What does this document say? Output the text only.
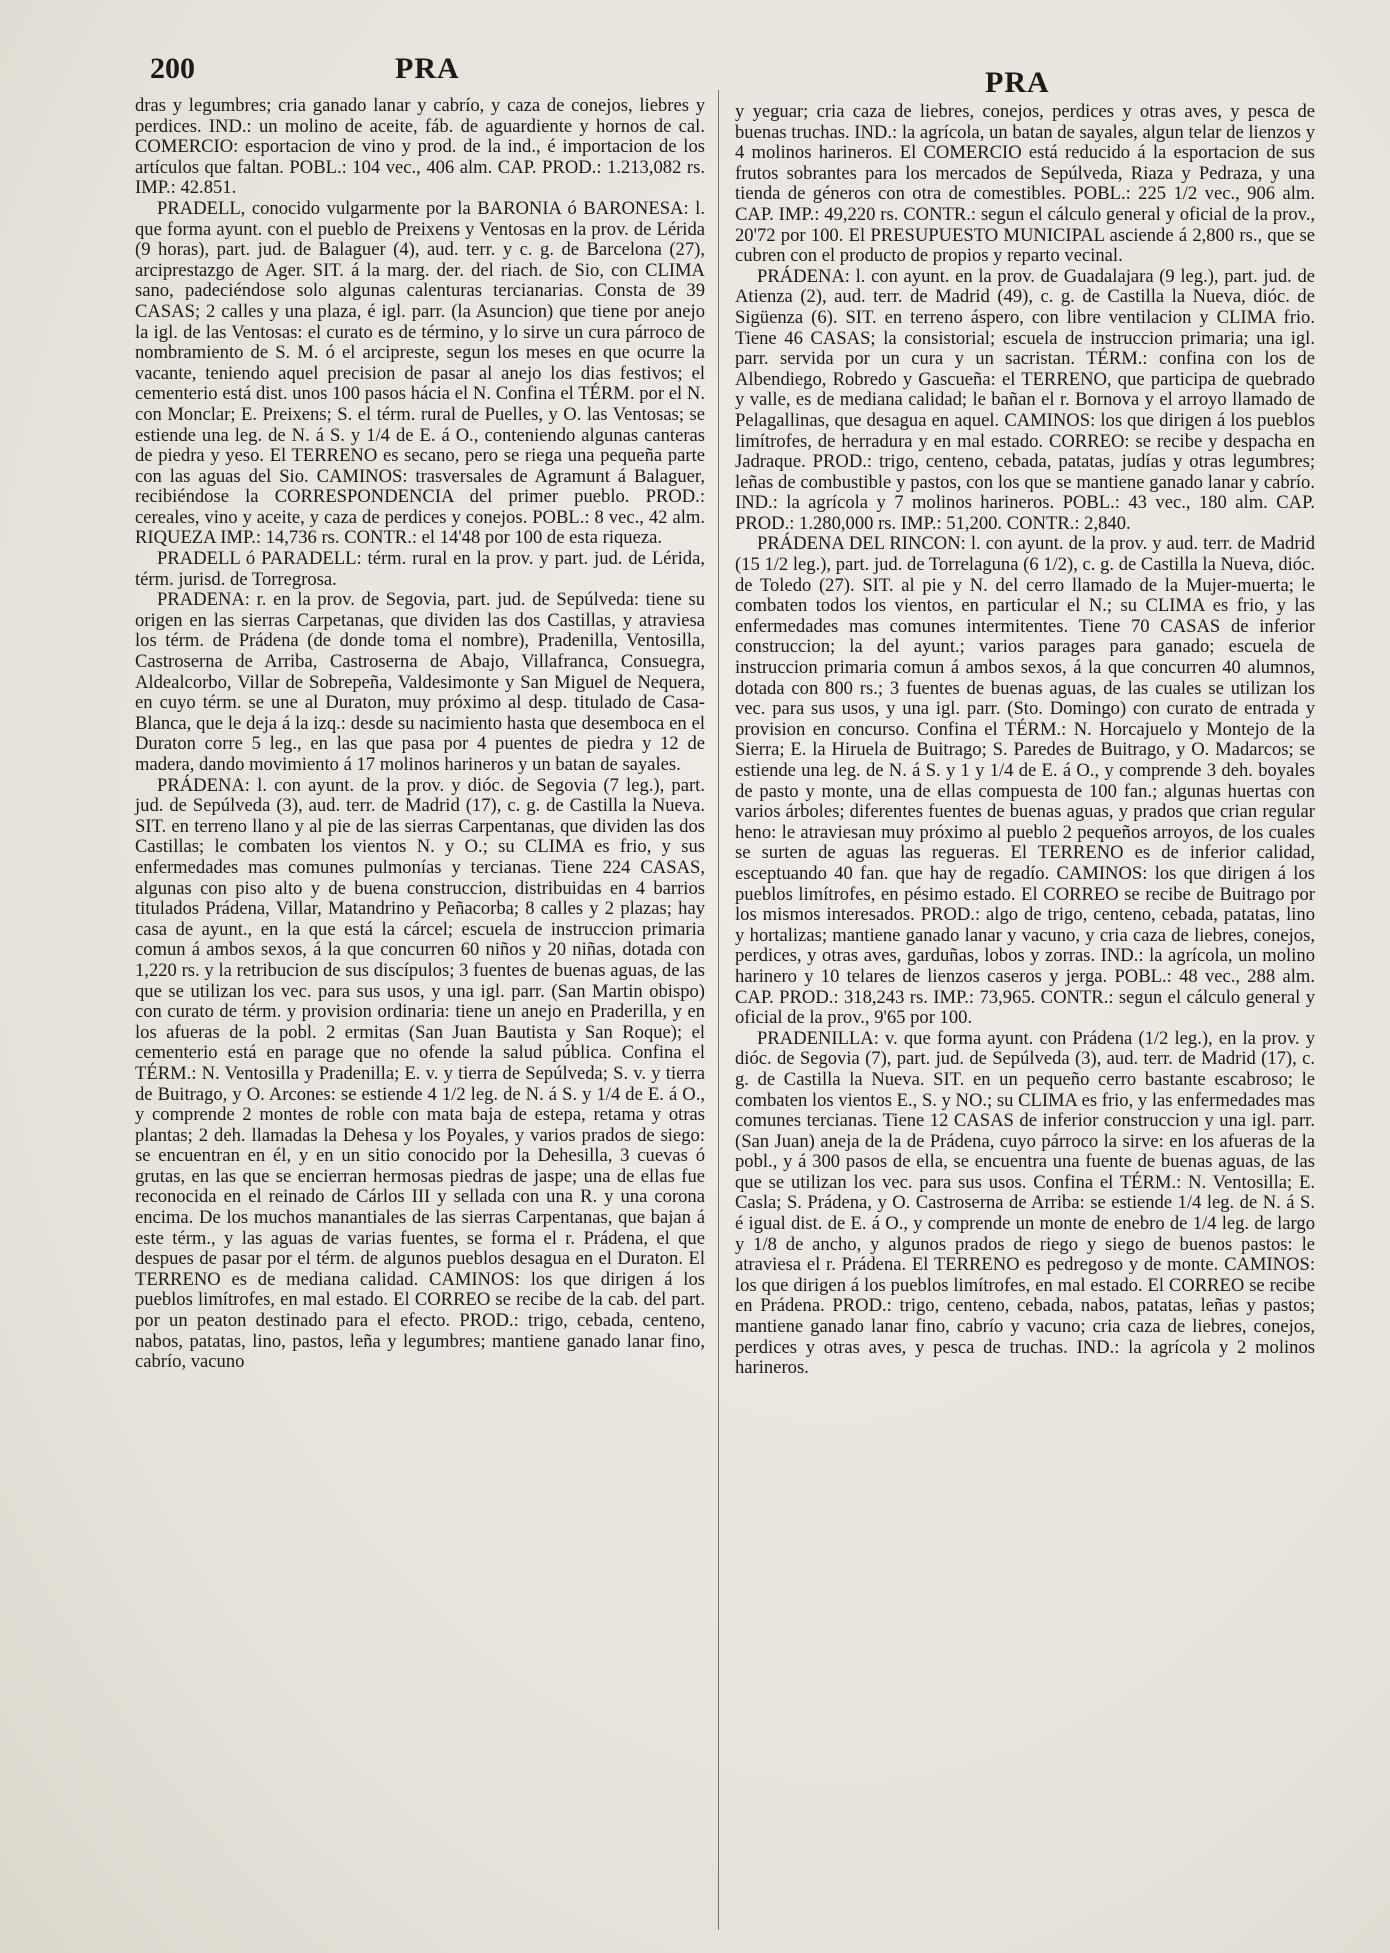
200	PRA	PRA

dras y legumbres; cria ganado lanar y cabrío, y caza de conejos, liebres y perdices. IND.: un molino de aceite, fáb. de aguardiente y hornos de cal. COMERCIO: esportacion de vino y prod. de la ind., é importacion de los artículos que faltan. POBL.: 104 vec., 406 alm. CAP. PROD.: 1.213,082 rs. IMP.: 42.851.

PRADELL, conocido vulgarmente por la BARONIA ó BARONESA: l. que forma ayunt. con el pueblo de Preixens y Ventosas en la prov. de Lérida (9 horas), part. jud. de Balaguer (4), aud. terr. y c. g. de Barcelona (27), arciprestazgo de Ager. SIT. á la marg. der. del riach. de Sio, con CLIMA sano, padeciéndose solo algunas calenturas tercianarias. Consta de 39 CASAS; 2 calles y una plaza, é igl. parr. (la Asuncion) que tiene por anejo la igl. de las Ventosas: el curato es de término, y lo sirve un cura párroco de nombramiento de S. M. ó el arcipreste, segun los meses en que ocurre la vacante, teniendo aquel precision de pasar al anejo los dias festivos; el cementerio está dist. unos 100 pasos hácia el N. Confina el TÉRM. por el N. con Monclar; E. Preixens; S. el térm. rural de Puelles, y O. las Ventosas; se estiende una leg. de N. á S. y 1/4 de E. á O., conteniendo algunas canteras de piedra y yeso. El TERRENO es secano, pero se riega una pequeña parte con las aguas del Sio. CAMINOS: trasversales de Agramunt á Balaguer, recibiéndose la CORRESPONDENCIA del primer pueblo. PROD.: cereales, vino y aceite, y caza de perdices y conejos. POBL.: 8 vec., 42 alm. RIQUEZA IMP.: 14,736 rs. CONTR.: el 14'48 por 100 de esta riqueza.

PRADELL ó PARADELL: térm. rural en la prov. y part. jud. de Lérida, térm. jurisd. de Torregrosa.

PRADENA: r. en la prov. de Segovia, part. jud. de Sepúlveda: tiene su origen en las sierras Carpetanas, que dividen las dos Castillas, y atraviesa los térm. de Prádena (de donde toma el nombre), Pradenilla, Ventosilla, Castroserna de Arriba, Castroserna de Abajo, Villafranca, Consuegra, Aldealcorbo, Villar de Sobrepeña, Valdesimonte y San Miguel de Nequera, en cuyo térm. se une al Duraton, muy próximo al desp. titulado de Casa-Blanca, que le deja á la izq.: desde su nacimiento hasta que desemboca en el Duraton corre 5 leg., en las que pasa por 4 puentes de piedra y 12 de madera, dando movimiento á 17 molinos harineros y un batan de sayales.

PRÁDENA: l. con ayunt. de la prov. y dióc. de Segovia (7 leg.), part. jud. de Sepúlveda (3), aud. terr. de Madrid (17), c. g. de Castilla la Nueva. SIT. en terreno llano y al pie de las sierras Carpentanas, que dividen las dos Castillas; le combaten los vientos N. y O.; su CLIMA es frio, y sus enfermedades mas comunes pulmonías y tercianas. Tiene 224 CASAS, algunas con piso alto y de buena construccion, distribuidas en 4 barrios titulados Prádena, Villar, Matandrino y Peñacorba; 8 calles y 2 plazas; hay casa de ayunt., en la que está la cárcel; escuela de instruccion primaria comun á ambos sexos, á la que concurren 60 niños y 20 niñas, dotada con 1,220 rs. y la retribucion de sus discípulos; 3 fuentes de buenas aguas, de las que se utilizan los vec. para sus usos, y una igl. parr. (San Martin obispo) con curato de térm. y provision ordinaria: tiene un anejo en Praderilla, y en los afueras de la pobl. 2 ermitas (San Juan Bautista y San Roque); el cementerio está en parage que no ofende la salud pública. Confina el TÉRM.: N. Ventosilla y Pradenilla; E. v. y tierra de Sepúlveda; S. v. y tierra de Buitrago, y O. Arcones: se estiende 4 1/2 leg. de N. á S. y 1/4 de E. á O., y comprende 2 montes de roble con mata baja de estepa, retama y otras plantas; 2 deh. llamadas la Dehesa y los Poyales, y varios prados de siego: se encuentran en él, y en un sitio conocido por la Dehesilla, 3 cuevas ó grutas, en las que se encierran hermosas piedras de jaspe; una de ellas fue reconocida en el reinado de Cárlos III y sellada con una R. y una corona encima. De los muchos manantiales de las sierras Carpentanas, que bajan á este térm., y las aguas de varias fuentes, se forma el r. Prádena, el que despues de pasar por el térm. de algunos pueblos desagua en el Duraton. El TERRENO es de mediana calidad. CAMINOS: los que dirigen á los pueblos limítrofes, en mal estado. El CORREO se recibe de la cab. del part. por un peaton destinado para el efecto. PROD.: trigo, cebada, centeno, nabos, patatas, lino, pastos, leña y legumbres; mantiene ganado lanar fino, cabrío, vacuno

y yeguar; cria caza de liebres, conejos, perdices y otras aves, y pesca de buenas truchas. IND.: la agrícola, un batan de sayales, algun telar de lienzos y 4 molinos harineros. El COMERCIO está reducido á la esportacion de sus frutos sobrantes para los mercados de Sepúlveda, Riaza y Pedraza, y una tienda de géneros con otra de comestibles. POBL.: 225 1/2 vec., 906 alm. CAP. IMP.: 49,220 rs. CONTR.: segun el cálculo general y oficial de la prov., 20'72 por 100. El PRESUPUESTO MUNICIPAL asciende á 2,800 rs., que se cubren con el producto de propios y reparto vecinal.

PRÁDENA: l. con ayunt. en la prov. de Guadalajara (9 leg.), part. jud. de Atienza (2), aud. terr. de Madrid (49), c. g. de Castilla la Nueva, dióc. de Sigüenza (6). SIT. en terreno áspero, con libre ventilacion y CLIMA frio. Tiene 46 CASAS; la consistorial; escuela de instruccion primaria; una igl. parr. servida por un cura y un sacristan. TÉRM.: confina con los de Albendiego, Robredo y Gascueña: el TERRENO, que participa de quebrado y valle, es de mediana calidad; le bañan el r. Bornova y el arroyo llamado de Pelagallinas, que desagua en aquel. CAMINOS: los que dirigen á los pueblos limítrofes, de herradura y en mal estado. CORREO: se recibe y despacha en Jadraque. PROD.: trigo, centeno, cebada, patatas, judías y otras legumbres; leñas de combustible y pastos, con los que se mantiene ganado lanar y cabrío. IND.: la agrícola y 7 molinos harineros. POBL.: 43 vec., 180 alm. CAP. PROD.: 1.280,000 rs. IMP.: 51,200. CONTR.: 2,840.

PRÁDENA DEL RINCON: l. con ayunt. de la prov. y aud. terr. de Madrid (15 1/2 leg.), part. jud. de Torrelaguna (6 1/2), c. g. de Castilla la Nueva, dióc. de Toledo (27). SIT. al pie y N. del cerro llamado de la Mujer-muerta; le combaten todos los vientos, en particular el N.; su CLIMA es frio, y las enfermedades mas comunes intermitentes. Tiene 70 CASAS de inferior construccion; la del ayunt.; varios parages para ganado; escuela de instruccion primaria comun á ambos sexos, á la que concurren 40 alumnos, dotada con 800 rs.; 3 fuentes de buenas aguas, de las cuales se utilizan los vec. para sus usos, y una igl. parr. (Sto. Domingo) con curato de entrada y provision en concurso. Confina el TÉRM.: N. Horcajuelo y Montejo de la Sierra; E. la Hiruela de Buitrago; S. Paredes de Buitrago, y O. Madarcos; se estiende una leg. de N. á S. y 1 y 1/4 de E. á O., y comprende 3 deh. boyales de pasto y monte, una de ellas compuesta de 100 fan.; algunas huertas con varios árboles; diferentes fuentes de buenas aguas, y prados que crian regular heno: le atraviesan muy próximo al pueblo 2 pequeños arroyos, de los cuales se surten de aguas las regueras. El TERRENO es de inferior calidad, esceptuando 40 fan. que hay de regadío. CAMINOS: los que dirigen á los pueblos limítrofes, en pésimo estado. El CORREO se recibe de Buitrago por los mismos interesados. PROD.: algo de trigo, centeno, cebada, patatas, lino y hortalizas; mantiene ganado lanar y vacuno, y cria caza de liebres, conejos, perdices, y otras aves, garduñas, lobos y zorras. IND.: la agrícola, un molino harinero y 10 telares de lienzos caseros y jerga. POBL.: 48 vec., 288 alm. CAP. PROD.: 318,243 rs. IMP.: 73,965. CONTR.: segun el cálculo general y oficial de la prov., 9'65 por 100.

PRADENILLA: v. que forma ayunt. con Prádena (1/2 leg.), en la prov. y dióc. de Segovia (7), part. jud. de Sepúlveda (3), aud. terr. de Madrid (17), c. g. de Castilla la Nueva. SIT. en un pequeño cerro bastante escabroso; le combaten los vientos E., S. y NO.; su CLIMA es frio, y las enfermedades mas comunes tercianas. Tiene 12 CASAS de inferior construccion y una igl. parr. (San Juan) aneja de la de Prádena, cuyo párroco la sirve: en los afueras de la pobl., y á 300 pasos de ella, se encuentra una fuente de buenas aguas, de las que se utilizan los vec. para sus usos. Confina el TÉRM.: N. Ventosilla; E. Casla; S. Prádena, y O. Castroserna de Arriba: se estiende 1/4 leg. de N. á S. é igual dist. de E. á O., y comprende un monte de enebro de 1/4 leg. de largo y 1/8 de ancho, y algunos prados de riego y siego de buenos pastos: le atraviesa el r. Prádena. El TERRENO es pedregoso y de monte. CAMINOS: los que dirigen á los pueblos limítrofes, en mal estado. El CORREO se recibe en Prádena. PROD.: trigo, centeno, cebada, nabos, patatas, leñas y pastos; mantiene ganado lanar fino, cabrío y vacuno; cria caza de liebres, conejos, perdices y otras aves, y pesca de truchas. IND.: la agrícola y 2 molinos harineros.
